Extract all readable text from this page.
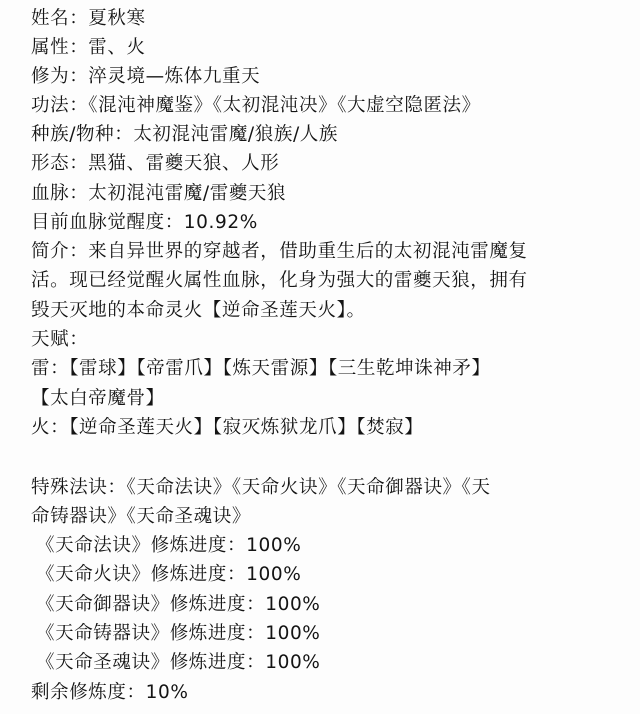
姓名：夏秋寒
属性：雷、火
修为：淬灵境—炼体九重天
功法：《混沌神魔鉴》《太初混沌决》《大虚空隐匿法》
种族/物种：太初混沌雷魔/狼族/人族
形态：黑猫、雷夔天狼、人形
血脉：太初混沌雷魔/雷夔天狼
目前血脉觉醒度：10.92%
简介：来自异世界的穿越者，借助重生后的太初混沌雷魔复
活。现已经觉醒火属性血脉，化身为强大的雷夔天狼，拥有
毁天灭地的本命灵火【逆命圣莲天火】。
天赋：
雷：【雷球】【帝雷爪】【炼天雷源】【三生乾坤诛神矛】
【太白帝魔骨】
火：【逆命圣莲天火】【寂灭炼狱龙爪】【焚寂】
特殊法诀：《天命法诀》《天命火诀》《天命御器诀》《天
命铸器诀》《天命圣魂诀》
《天命法诀》修炼进度：100%
《天命火诀》修炼进度：100%
《天命御器诀》修炼进度：100%
《天命铸器诀》修炼进度：100%
《天命圣魂诀》修炼进度：100%
剩余修炼度：10%
